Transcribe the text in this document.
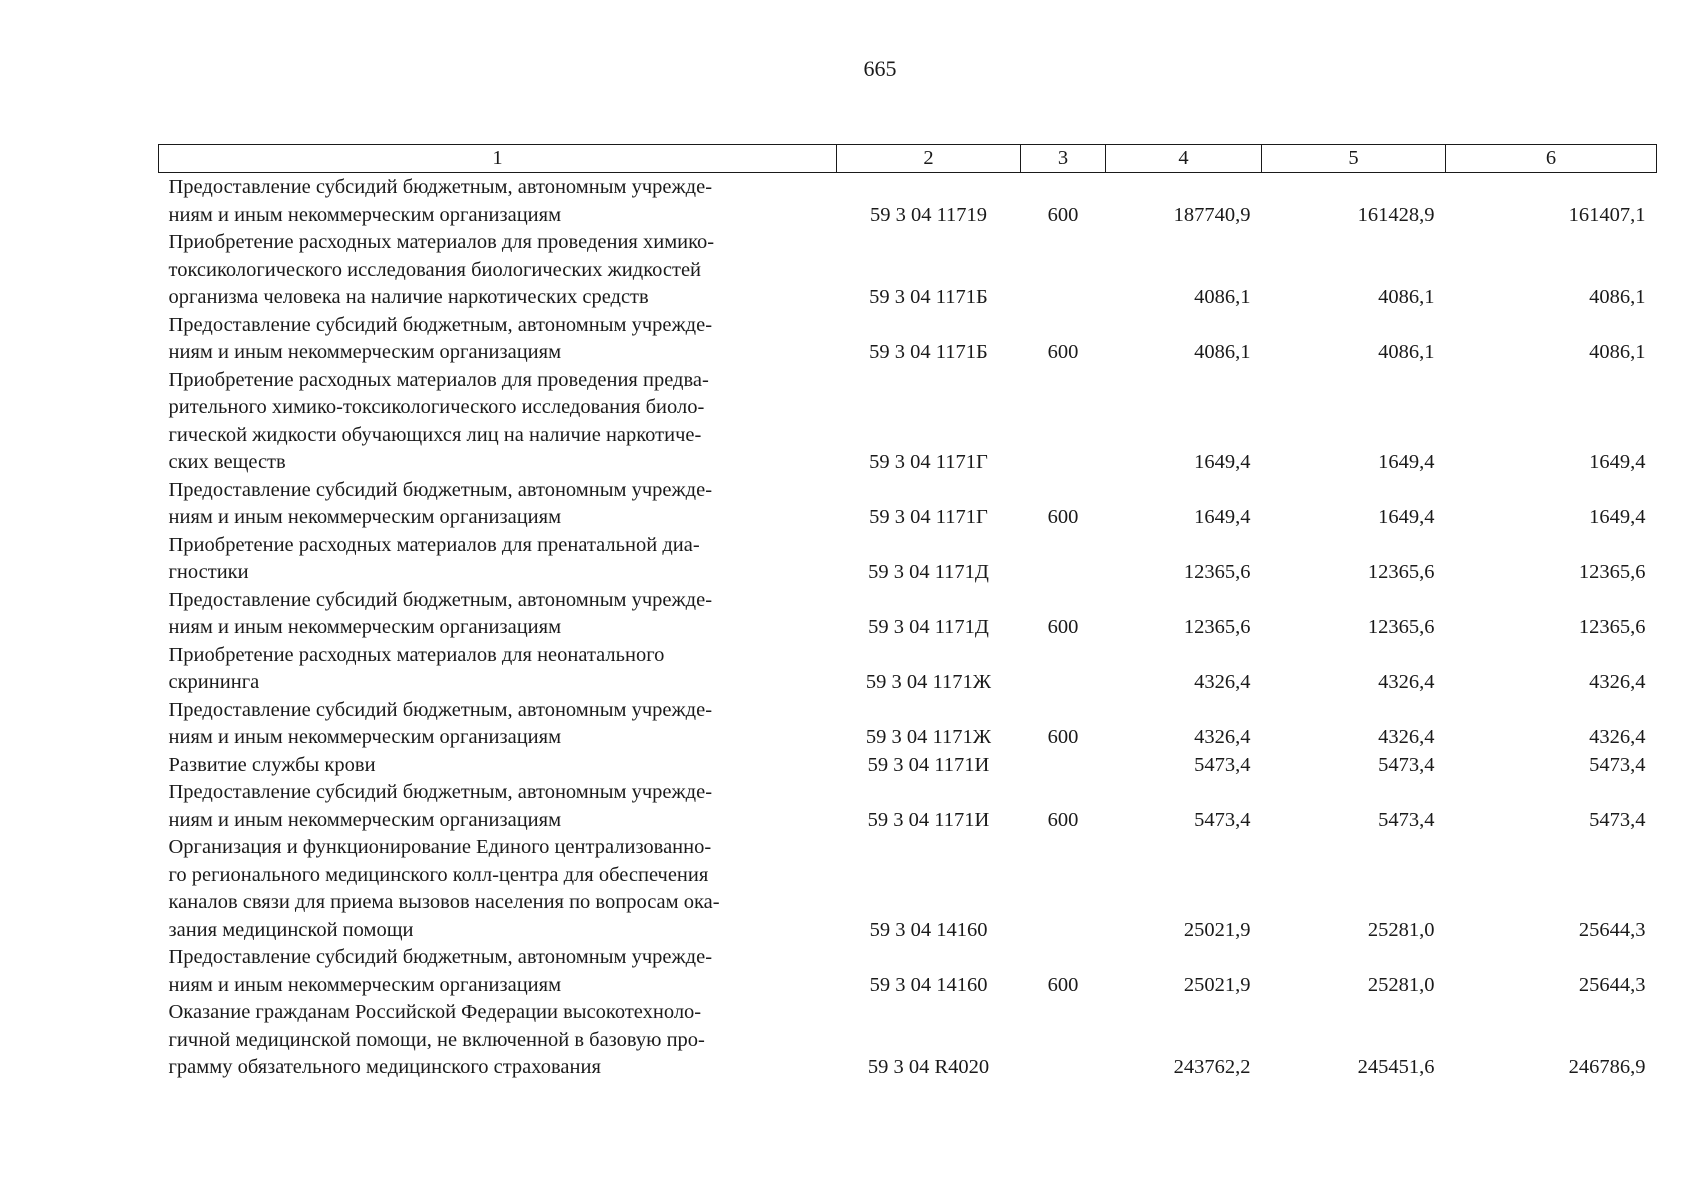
665
1	2	3	4	5	6

Предоставление субсидий бюджетным, автономным учрежде-
ниям и иным некоммерческим организациям	59 3 04 11719	600	187740,9	161428,9	161407,1

Приобретение расходных материалов для проведения химико-
токсикологического исследования биологических жидкостей
организма человека на наличие наркотических средств	59 3 04 1171Б		4086,1	4086,1	4086,1

Предоставление субсидий бюджетным, автономным учрежде-
ниям и иным некоммерческим организациям	59 3 04 1171Б	600	4086,1	4086,1	4086,1

Приобретение расходных материалов для проведения предва-
рительного химико-токсикологического исследования биоло-
гической жидкости обучающихся лиц на наличие наркотиче-
ских веществ	59 3 04 1171Г		1649,4	1649,4	1649,4

Предоставление субсидий бюджетным, автономным учрежде-
ниям и иным некоммерческим организациям	59 3 04 1171Г	600	1649,4	1649,4	1649,4

Приобретение расходных материалов для пренатальной диа-
гностики	59 3 04 1171Д		12365,6	12365,6	12365,6

Предоставление субсидий бюджетным, автономным учрежде-
ниям и иным некоммерческим организациям	59 3 04 1171Д	600	12365,6	12365,6	12365,6

Приобретение расходных материалов для неонатального
скрининга	59 3 04 1171Ж		4326,4	4326,4	4326,4

Предоставление субсидий бюджетным, автономным учрежде-
ниям и иным некоммерческим организациям	59 3 04 1171Ж	600	4326,4	4326,4	4326,4

Развитие службы крови	59 3 04 1171И		5473,4	5473,4	5473,4

Предоставление субсидий бюджетным, автономным учрежде-
ниям и иным некоммерческим организациям	59 3 04 1171И	600	5473,4	5473,4	5473,4

Организация и функционирование Единого централизованно-
го регионального медицинского колл-центра для обеспечения
каналов связи для приема вызовов населения по вопросам ока-
зания медицинской помощи	59 3 04 14160		25021,9	25281,0	25644,3

Предоставление субсидий бюджетным, автономным учрежде-
ниям и иным некоммерческим организациям	59 3 04 14160	600	25021,9	25281,0	25644,3

Оказание гражданам Российской Федерации высокотехноло-
гичной медицинской помощи, не включенной в базовую про-
грамму обязательного медицинского страхования	59 3 04 R4020		243762,2	245451,6	246786,9
